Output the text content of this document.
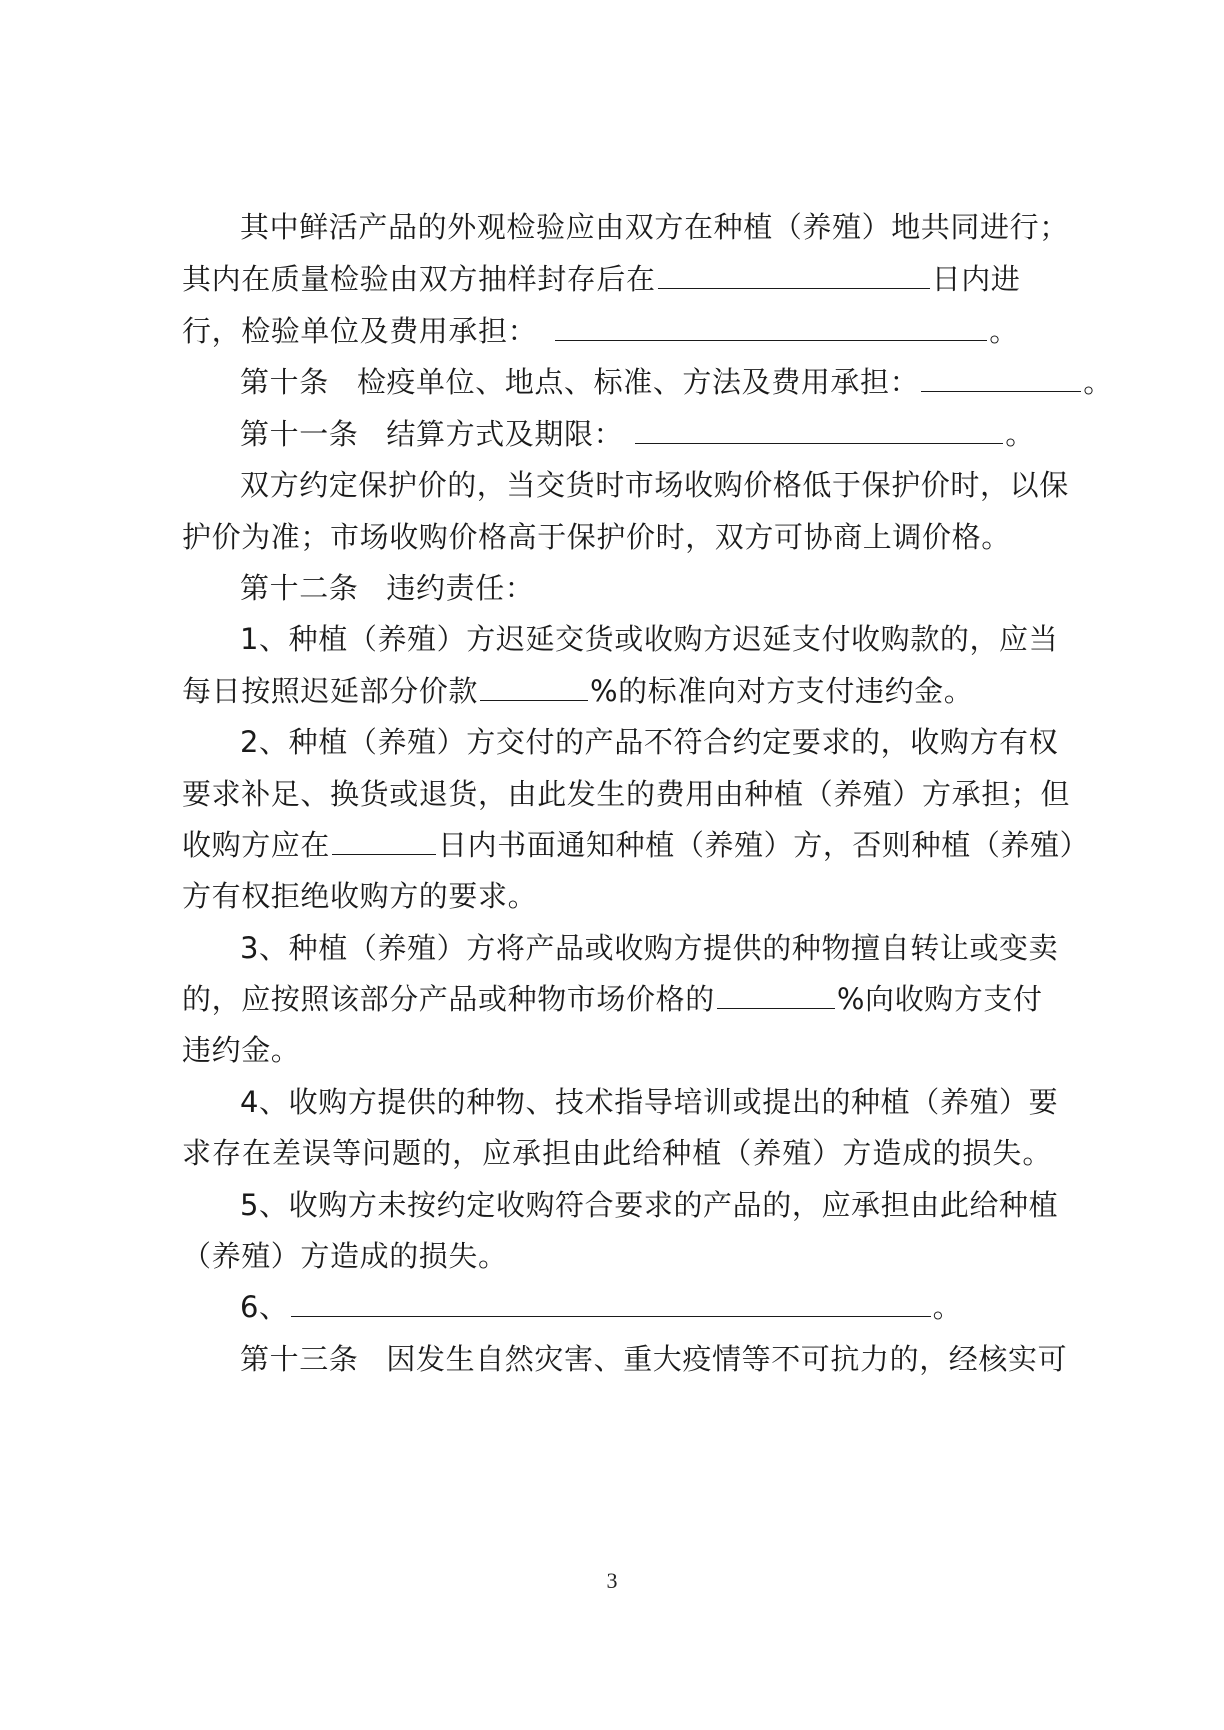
其中鲜活产品的外观检验应由双方在种植（养殖）地共同进行；
其内在质量检验由双方抽样封存后在	日内进
行，检验单位及费用承担：	。
第十条 检疫单位、地点、标准、方法及费用承担：	。
第十一条 结算方式及期限：	。
双方约定保护价的，当交货时市场收购价格低于保护价时，以保
护价为准；市场收购价格高于保护价时，双方可协商上调价格。
第十二条 违约责任：
1、种植（养殖）方迟延交货或收购方迟延支付收购款的，应当
每日按照迟延部分价款	%的标准向对方支付违约金。
2、种植（养殖）方交付的产品不符合约定要求的，收购方有权
要求补足、换货或退货，由此发生的费用由种植（养殖）方承担；但
收购方应在	日内书面通知种植（养殖）方，否则种植（养殖）
方有权拒绝收购方的要求。
3、种植（养殖）方将产品或收购方提供的种物擅自转让或变卖
的，应按照该部分产品或种物市场价格的	%向收购方支付
违约金。
4、收购方提供的种物、技术指导培训或提出的种植（养殖）要
求存在差误等问题的，应承担由此给种植（养殖）方造成的损失。
5、收购方未按约定收购符合要求的产品的，应承担由此给种植
（养殖）方造成的损失。
6、	。
第十三条 因发生自然灾害、重大疫情等不可抗力的，经核实可
3
